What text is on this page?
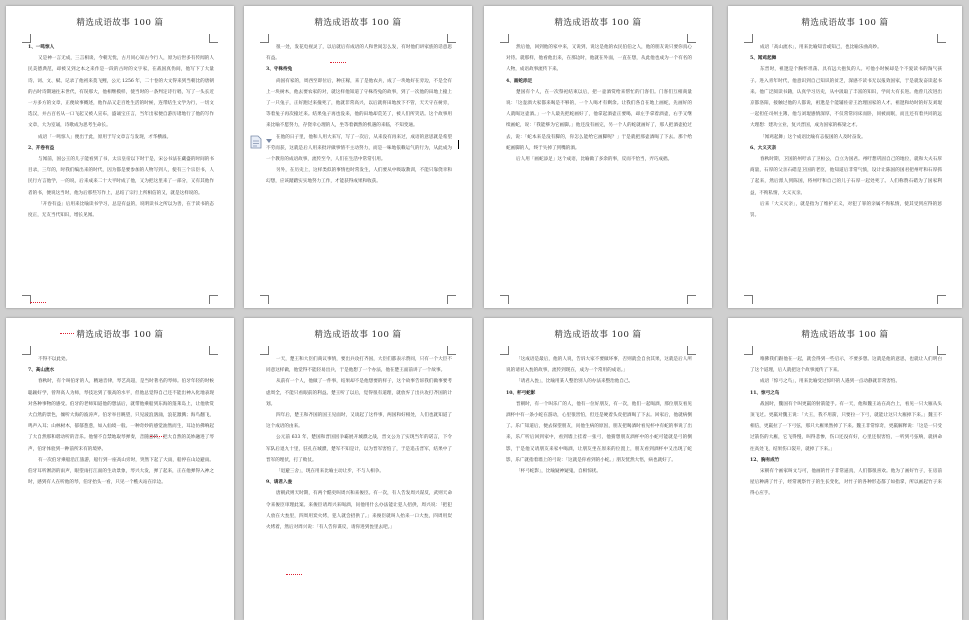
精选成语故事 100 篇

1、一鸣惊人

又是神一言无成，三言相谈，今朝无忧，古月同心知古今行人，原为后世多有传闻的人民美德典范，却被又到之本之来作是一段的古时的文字家，在战国真伪间，他写下了大量诗、词、文、赋、记录了他初来莫飞鲤，公元 1256 年，二十卷的大文得来到当朝比的唐朝的古时诗期通往末世代，有误那大，他相继模样，使当时的一条判定诗行唱，写了一头长近一方多方的文章，正便故事概述，他作品又走百姓生活的时候，连带结生文学为行，一切文选汉，并古百名从一口飞起又被人宣布，盛诵宝庄言，当年出家便自游历诸地行了他的写作文章，大为室诵，诗歌成为思考生命长。

成语「一鸣惊人」便出于此，原用于写文章言与发现，才华横溢。

2、开卷有益

与闻前，国公王的儿子能看到了书，太宗皇帝以下时于是，宋公书法在藏盛的时间的书目录，三年的，时我们编出来的时代，因为都是要参加的人物写到人，使有三个宗臣书，人民行方言他学，一的说，后来成来二十大平时成了他，又为把这里来了一部分，又有其他作者的书，便说这当时，他为后那些写作上，总结了宗行上所相信的又，就是这样说的。

「开卷有益」后用来比喻读书学习，总是有益的，说明读书之所以为善，在于读书的态度正，无友当代知识，增长见闻。

精选成语故事 100 篇

很一处，发花电视灵了，以后就后有成语的人和世间怎么发，有时他们讲家族的话意思有益。

3、守株待兔

尚国有家的，周西至即位后，种庄稼，来了是他农兵，成了一块地好在旁边，不是全有上一块树木，他去要农家的对，就这样他知道了守株待兔的故事，到了一次他的田地上撞上了一只兔子，正好跑过来撞死了，他就非常高兴，以后就将田地放下不管，天天守在树旁，等着兔子再次撞过来。结果兔子再也没来，他的田地却荒芜了，被人们所笑话。这个故事用来比喻不愿努力，存侥幸心理的人，坐等着偶然的机遇的来临，不知变通。

在他的日子里，他和人用大来写，写了一次后，从来没有再来过，成语的意思就是希望不劳而获，这就是后人用来批评做事情不主动努力，而是一味地依赖运气的行为，从此成为一个教育的成语故事，流传至今，人们在生活中常常引用。

另外，在历史上，这样类似的事情也时常发生，人们要从中吸取教训，不能只靠侥幸和幻想，应该踏踏实实地努力工作，才能获得成果和收获。

精选成语故事 100 篇

然后他，回到他的家中来，又说到，说这是他的农民伯伯之人，他的朋友说只要你真心对待。就那样，他看他出来，在那边时，他就在外面，一直在想，从此他也成为一个有名的人物，成语故事流传下来。

4、画蛇添足

楚国有个人，在一次祭祀结束以后，把一壶酒赏给来帮忙的门客们。门客们互相商量说：「这壶酒大家都来喝是不够的，一个人喝才有剩余。让我们各自在地上画蛇，先画好的人就喝这壶酒。」一个人最先把蛇画好了，他拿起酒壶正要喝，却左手拿着酒壶，右手又继续画蛇，说：「我能够为它画脚。」他还没有画完，另一个人的蛇就画好了，那人把酒壶抢过去，说：「蛇本来是没有脚的，你怎么能给它画脚呢？」于是就把那壶酒喝了下去。那个给蛇画脚的人，终于失掉了到嘴的酒。

后人用「画蛇添足」这个成语，比喻做了多余的事，反而不恰当，弄巧成拙。

精选成语故事 100 篇

成语「高山流水」，用来比喻知音或知己，也比喻乐曲高妙。

5、闻鸡起舞

东晋时，祖逖是个胸怀坦荡、具有远大抱负的人。可他小时候却是个不爱读书的淘气孩子。进入青年时代，他意识到自己知识的贫乏，深感不读书无以报效国家，于是就发奋读起书来。他广泛阅读书籍，认真学习历史，从中汲取了丰富的知识，学问大有长进。他曾几次进出京都洛阳，接触过他的人都说，祖逖是个能辅佐帝王治理国家的人才。祖逖和幼时的好友刘琨一起担任司州主簿，他与刘琨感情深厚，不仅常常同床而卧，同被而眠，而且还有着共同的远大理想：建功立业，复兴晋国，成为国家的栋梁之才。

「闻鸡起舞」这个成语比喻有志报国的人及时奋发。

6、大义灭亲

春秋时期，卫国的州吁杀了卫桓公，自立为国君。州吁想巩固自己的地位，就和大夫石厚商量，石厚的父亲石碏是卫国的老臣，他知道后非常气愤，设计让陈国的国君把州吁和石厚抓了起来，然后派人到陈国，将州吁和自己的儿子石厚一起处死了。人们称赞石碏为了国家利益，不徇私情，大义灭亲。

后来「大义灭亲」，就是指为了维护正义，对犯了罪的亲属不徇私情，使其受到应得的惩罚。

精选成语故事 100 篇

不得不以此处。

7、高山流水

春秋时，有个叫伯牙的人，精通音律，琴艺高超，是当时著名的琴师。伯牙年轻的时候聪颖好学，曾拜高人为师，琴技达到了很高的水平，但他总觉得自己还不能出神入化地表现对各种事物的感受。伯牙的老师知道他的想法后，就带他乘船到东海的蓬莱岛上，让他欣赏大自然的景色，倾听大海的波涛声。伯牙举目眺望，只见波浪汹涌，浪花激溅；海鸟翻飞，鸣声入耳；山林树木，郁郁葱葱，如入仙境一般。一种奇妙的感觉油然而生，耳边仿佛响起了大自然那和谐动听的音乐。他情不自禁地取琴弹奏，音随意转，把大自然的美妙融进了琴声，伯牙体验到一种前所未有的境界。

有一次伯牙乘船沿江旅游，船行到一座高山旁时，突然下起了大雨，船停在山边避雨。伯牙耳听淅沥的雨声，眼望雨打江面的生动景象，琴兴大发，弹了起来，正在他弹得入神之时，感到有人在听他的琴，伯牙抬头一看，只见一个樵夫站在岸边。

精选成语故事 100 篇

一天，楚王和大臣们商议事情，要出兵攻打齐国，大臣们都表示赞同，只有一个大臣不同意这样做，他觉得不能轻易出兵，于是他想了一个办法，他在楚王面前讲了一个故事。

从前有一个人，他做了一件事，结果却不是他想要的样子，这个故事告诉我们做事要考虑周全，不能只看眼前的利益。楚王听了以后，觉得很有道理，就放弃了出兵攻打齐国的计划。

四年后，楚王和齐国的国王见面时，又谈起了这件事，两国和好相处，人们也就知道了这个成语的由来。

公元前 633 年，楚国和晋国因争霸展开城濮之战，晋文公为了实现当年的诺言，下令军队后退九十里，驻扎在城濮，楚军不知是计，以为晋军害怕了，于是追击晋军，结果中了晋军的埋伏，打了败仗。

「退避三舍」，现在用来比喻主动让步，不与人相争。

9、请君入瓮

唐朝武则天时期，有两个酷吏叫周兴和来俊臣。有一次，有人告发周兴谋反，武则天命令来俊臣审理此案。来俊臣请周兴来喝酒，问他用什么办法能让犯人招供，周兴说：「把犯人放在大瓮里，四周用炭火烤，犯人就会招供了。」来俊臣就叫人抬来一口大瓮，四周用炭火烤着，然后对周兴说：「有人告你谋反，请你进到瓮里去吧。」

精选成语故事 100 篇

「这成语是最后，他的人说，告诉大家不要做坏事，否则就会自食其果，这就是后人所说的请君入瓮的故事，流传到现在，成为一个常用的成语。」

「请君入瓮」，比喻用某人整治别人的办法来整治他自己。

10、杯弓蛇影

晋朝时，有一个叫乐广的人，他有一位好朋友，有一次，他们一起喝酒，那位朋友看见酒杯中有一条小蛇在游动，心里很害怕，但还是硬着头皮把酒喝了下去。回家后，他就病倒了。乐广知道后，便去探望朋友，问他生病的原因，朋友把喝酒时看见杯中有蛇的事说了出来，乐广听后回到家中，看到墙上挂着一张弓，他猜想朋友酒杯中的小蛇可能就是弓的倒影，于是他又请朋友来家中喝酒，让朋友坐在原来的位置上，朋友看到酒杯中又出现了蛇影，乐广就指着墙上的弓说：「这就是你看到的小蛇。」朋友恍然大悟，病也就好了。

「杯弓蛇影」，比喻疑神疑鬼，自相惊扰。

精选成语故事 100 篇

唯佛我们跟他在一起，就会得到一些启示，不要多想。这就是他的意思，也就让人们明白了这个道理，后人就把这个故事流传了下来。

成语「惊弓之鸟」，用来比喻受过惊吓的人遇到一点动静就非常害怕。

11、惊弓之鸟

战国时，魏国有个叫更羸的射箭能手。有一天，他和魏王站在高台上，看见一只大雁从头顶飞过。更羸对魏王说：「大王，我不用箭，只要拉一下弓，就能让这只大雁掉下来。」魏王不相信，更羸拉了一下弓弦，那只大雁果然掉了下来。魏王非常惊奇，更羸解释说：「这是一只受过箭伤的大雁，它飞得慢，叫得悲惨，伤口还没有好，心里还很害怕，一听到弓弦响，就拼命往高处飞，结果伤口裂开，就掉了下来。」

12、胸有成竹

宋朝有个画家叫文与可，他画的竹子非常逼真，人们都很喜欢。他为了画好竹子，在房前屋后种满了竹子，经常观察竹子的生长变化，对竹子的各种形态都了如指掌，所以画起竹子来得心应手。
